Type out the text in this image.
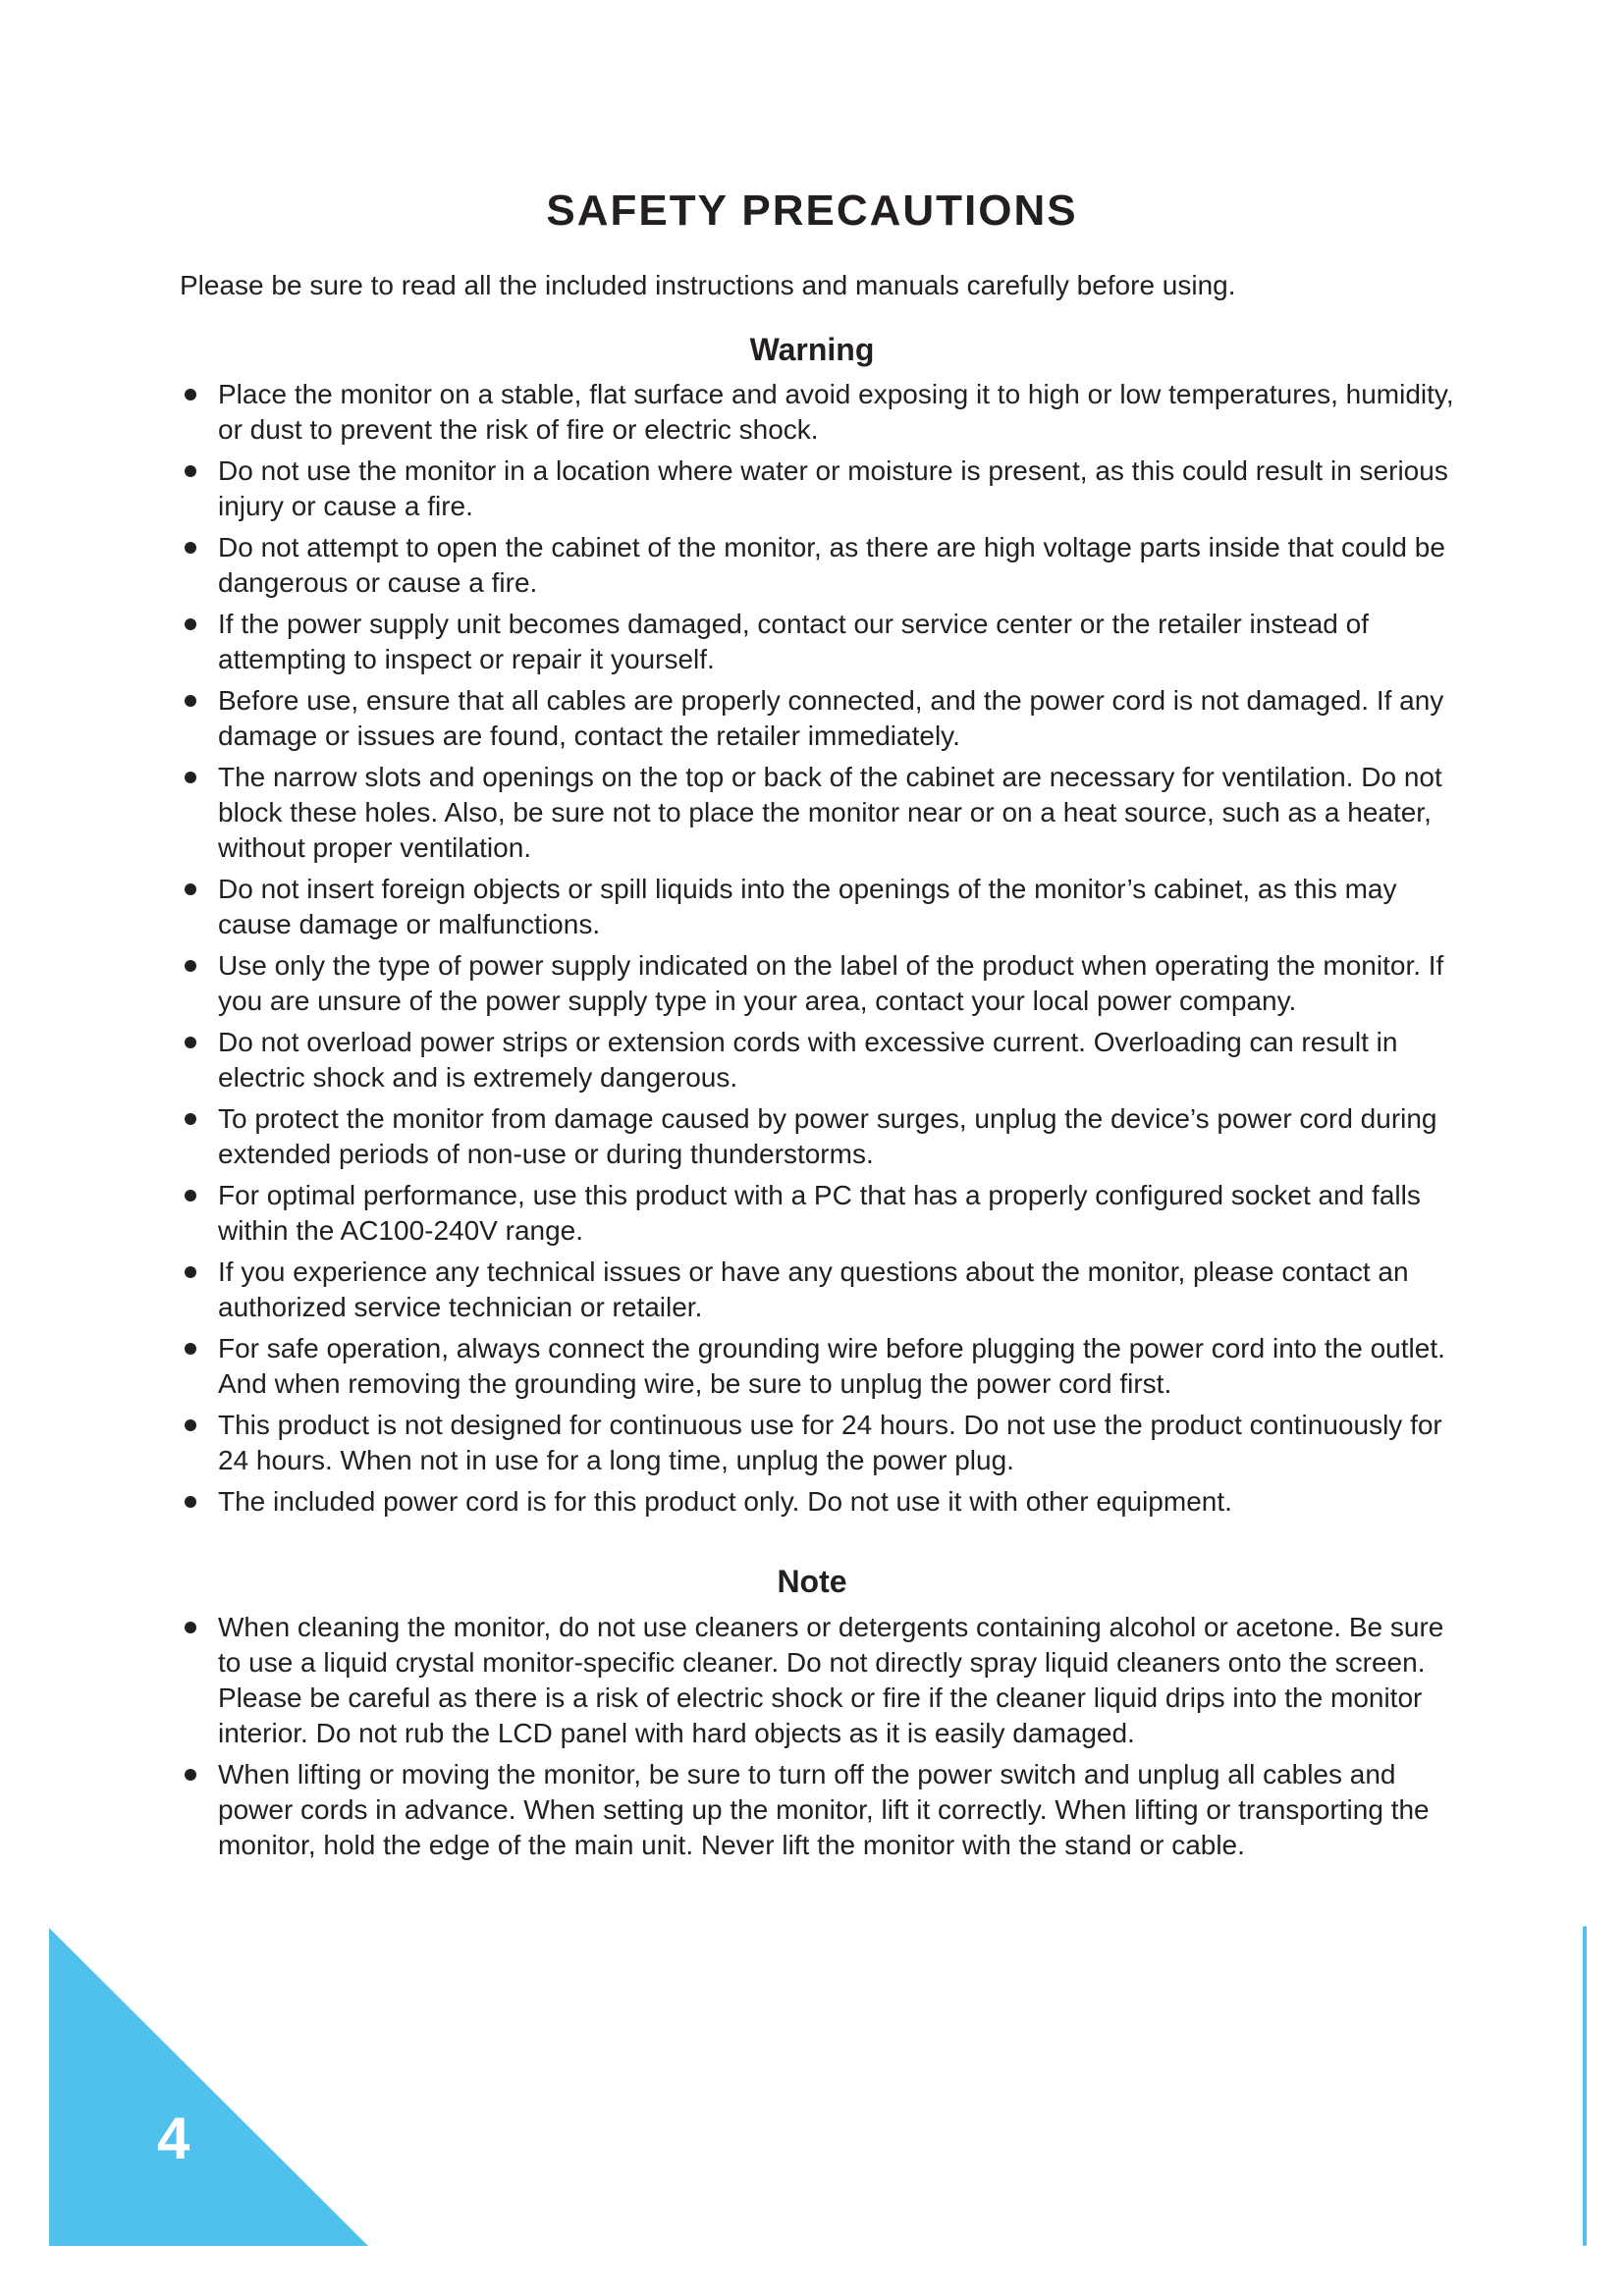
SAFETY PRECAUTIONS

Please be sure to read all the included instructions and manuals carefully before using.

Warning
Place the monitor on a stable, flat surface and avoid exposing it to high or low temperatures, humidity, or dust to prevent the risk of fire or electric shock.
Do not use the monitor in a location where water or moisture is present, as this could result in serious injury or cause a fire.
Do not attempt to open the cabinet of the monitor, as there are high voltage parts inside that could be dangerous or cause a fire.
If the power supply unit becomes damaged, contact our service center or the retailer instead of attempting to inspect or repair it yourself.
Before use, ensure that all cables are properly connected, and the power cord is not damaged. If any damage or issues are found, contact the retailer immediately.
The narrow slots and openings on the top or back of the cabinet are necessary for ventilation. Do not block these holes. Also, be sure not to place the monitor near or on a heat source, such as a heater, without proper ventilation.
Do not insert foreign objects or spill liquids into the openings of the monitor’s cabinet, as this may cause damage or malfunctions.
Use only the type of power supply indicated on the label of the product when operating the monitor. If you are unsure of the power supply type in your area, contact your local power company.
Do not overload power strips or extension cords with excessive current. Overloading can result in electric shock and is extremely dangerous.
To protect the monitor from damage caused by power surges, unplug the device’s power cord during extended periods of non-use or during thunderstorms.
For optimal performance, use this product with a PC that has a properly configured socket and falls within the AC100-240V range.
If you experience any technical issues or have any questions about the monitor, please contact an authorized service technician or retailer.
For safe operation, always connect the grounding wire before plugging the power cord into the outlet. And when removing the grounding wire, be sure to unplug the power cord first.
This product is not designed for continuous use for 24 hours. Do not use the product continuously for 24 hours. When not in use for a long time, unplug the power plug.
The included power cord is for this product only. Do not use it with other equipment.
Note
When cleaning the monitor, do not use cleaners or detergents containing alcohol or acetone. Be sure to use a liquid crystal monitor-specific cleaner. Do not directly spray liquid cleaners onto the screen. Please be careful as there is a risk of electric shock or fire if the cleaner liquid drips into the monitor interior. Do not rub the LCD panel with hard objects as it is easily damaged.
When lifting or moving the monitor, be sure to turn off the power switch and unplug all cables and power cords in advance. When setting up the monitor, lift it correctly. When lifting or transporting the monitor, hold the edge of the main unit. Never lift the monitor with the stand or cable.
4
